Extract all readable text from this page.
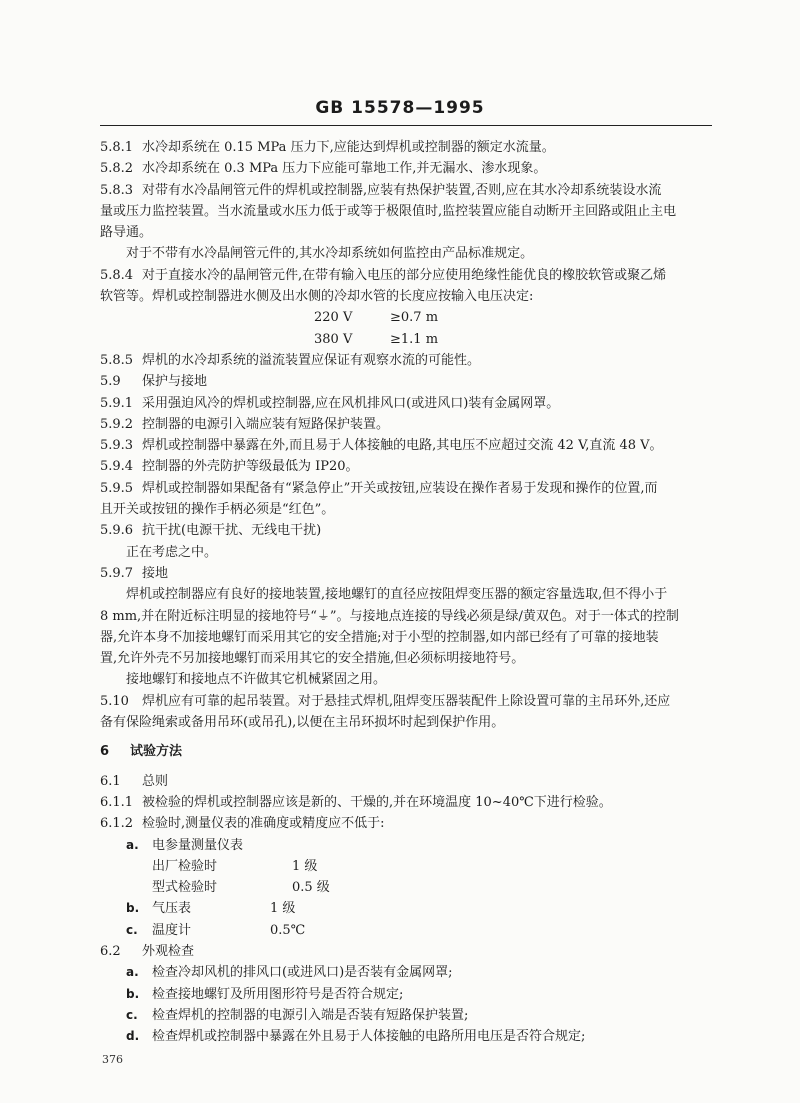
GB 15578—1995
5.8.1 水冷却系统在 0.15 MPa 压力下,应能达到焊机或控制器的额定水流量。
5.8.2 水冷却系统在 0.3 MPa 压力下应能可靠地工作,并无漏水、渗水现象。
5.8.3 对带有水冷晶闸管元件的焊机或控制器,应装有热保护装置,否则,应在其水冷却系统装设水流
量或压力监控装置。当水流量或水压力低于或等于极限值时,监控装置应能自动断开主回路或阻止主电
路导通。
对于不带有水冷晶闸管元件的,其水冷却系统如何监控由产品标准规定。
5.8.4 对于直接水冷的晶闸管元件,在带有输入电压的部分应使用绝缘性能优良的橡胶软管或聚乙烯
软管等。焊机或控制器进水侧及出水侧的冷却水管的长度应按输入电压决定:
220 V	≥0.7 m
380 V	≥1.1 m
5.8.5 焊机的水冷却系统的溢流装置应保证有观察水流的可能性。
5.9 保护与接地
5.9.1 采用强迫风冷的焊机或控制器,应在风机排风口(或进风口)装有金属网罩。
5.9.2 控制器的电源引入端应装有短路保护装置。
5.9.3 焊机或控制器中暴露在外,而且易于人体接触的电路,其电压不应超过交流 42 V,直流 48 V。
5.9.4 控制器的外壳防护等级最低为 IP20。
5.9.5 焊机或控制器如果配备有“紧急停止”开关或按钮,应装设在操作者易于发现和操作的位置,而
且开关或按钮的操作手柄必须是“红色”。
5.9.6 抗干扰(电源干扰、无线电干扰)
正在考虑之中。
5.9.7 接地
焊机或控制器应有良好的接地装置,接地螺钉的直径应按阻焊变压器的额定容量选取,但不得小于
8 mm,并在附近标注明显的接地符号“⏚”。与接地点连接的导线必须是绿/黄双色。对于一体式的控制
器,允许本身不加接地螺钉而采用其它的安全措施;对于小型的控制器,如内部已经有了可靠的接地装
置,允许外壳不另加接地螺钉而采用其它的安全措施,但必须标明接地符号。
接地螺钉和接地点不许做其它机械紧固之用。
5.10 焊机应有可靠的起吊装置。对于悬挂式焊机,阻焊变压器装配件上除设置可靠的主吊环外,还应
备有保险绳索或备用吊环(或吊孔),以便在主吊环损坏时起到保护作用。
6 试验方法
6.1 总则
6.1.1 被检验的焊机或控制器应该是新的、干燥的,并在环境温度 10~40℃下进行检验。
6.1.2 检验时,测量仪表的准确度或精度应不低于:
a. 电参量测量仪表
出厂检验时	1 级
型式检验时	0.5 级
b. 气压表	1 级
c. 温度计	0.5℃
6.2 外观检查
a. 检查冷却风机的排风口(或进风口)是否装有金属网罩;
b. 检查接地螺钉及所用图形符号是否符合规定;
c. 检查焊机的控制器的电源引入端是否装有短路保护装置;
d. 检查焊机或控制器中暴露在外且易于人体接触的电路所用电压是否符合规定;
376
